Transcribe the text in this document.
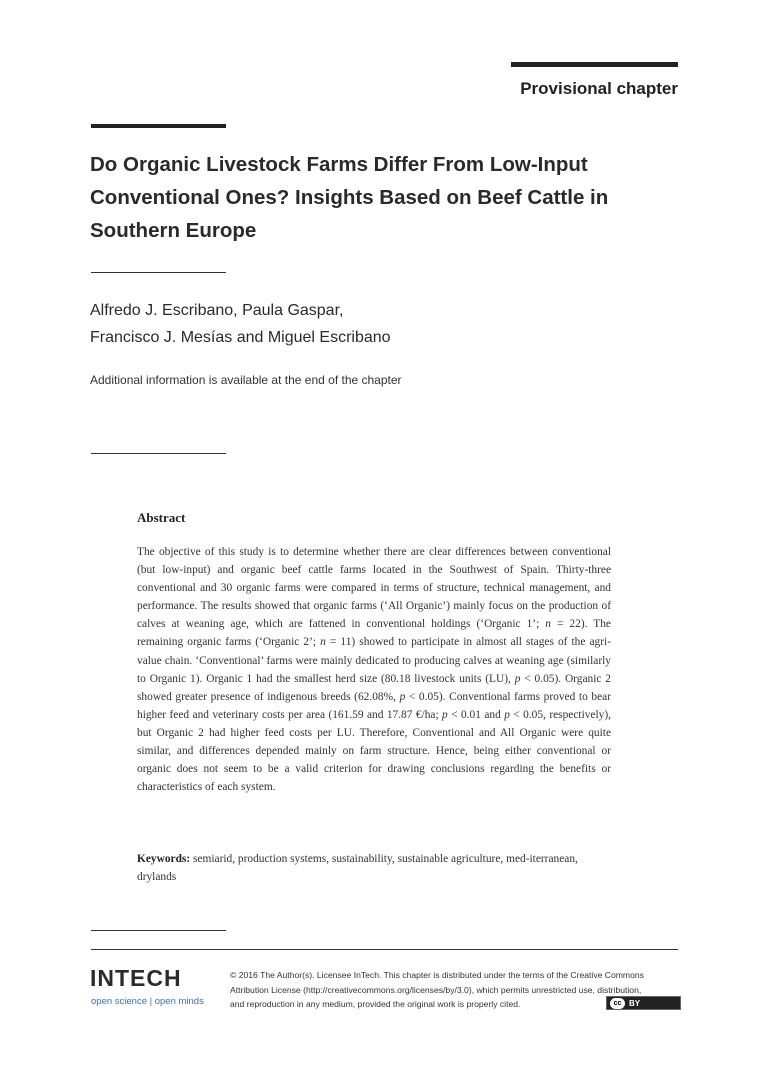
Provisional chapter
Do Organic Livestock Farms Differ From Low-Input Conventional Ones? Insights Based on Beef Cattle in Southern Europe
Alfredo J. Escribano, Paula Gaspar,
Francisco J. Mesías and Miguel Escribano
Additional information is available at the end of the chapter
Abstract

The objective of this study is to determine whether there are clear differences between conventional (but low-input) and organic beef cattle farms located in the Southwest of Spain. Thirty-three conventional and 30 organic farms were compared in terms of structure, technical management, and performance. The results showed that organic farms (‘All Organic’) mainly focus on the production of calves at weaning age, which are fattened in conventional holdings (‘Organic 1’; n = 22). The remaining organic farms (‘Organic 2’; n = 11) showed to participate in almost all stages of the agri-value chain. ‘Conventional’ farms were mainly dedicated to producing calves at weaning age (similarly to Organic 1). Organic 1 had the smallest herd size (80.18 livestock units (LU), p < 0.05). Organic 2 showed greater presence of indigenous breeds (62.08%, p < 0.05). Conventional farms proved to bear higher feed and veterinary costs per area (161.59 and 17.87 €/ha; p < 0.01 and p < 0.05, respectively), but Organic 2 had higher feed costs per LU. Therefore, Conventional and All Organic were quite similar, and differences depended mainly on farm structure. Hence, being either conventional or organic does not seem to be a valid criterion for drawing conclusions regarding the benefits or characteristics of each system.

Keywords: semiarid, production systems, sustainability, sustainable agriculture, med-iterranean, drylands

INTECH
open science | open minds
© 2016 The Author(s). Licensee InTech. This chapter is distributed under the terms of the Creative Commons
Attribution License (http://creativecommons.org/licenses/by/3.0), which permits unrestricted use, distribution,
and reproduction in any medium, provided the original work is properly cited.	cc BY
